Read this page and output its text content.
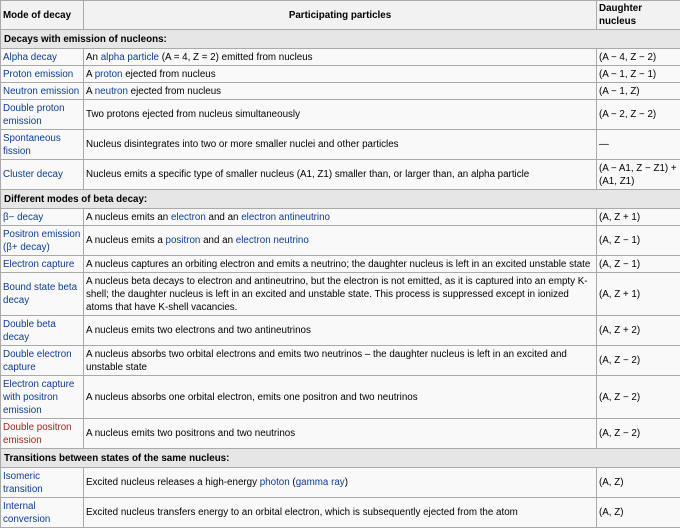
Mode of decay	Participating particles	Daughter nucleus
Decays with emission of nucleons:		
Alpha decay	An alpha particle (A = 4, Z = 2) emitted from nucleus	(A − 4, Z − 2)
Proton emission	A proton ejected from nucleus	(A − 1, Z − 1)
Neutron emission	A neutron ejected from nucleus	(A − 1, Z)
Double proton emission	Two protons ejected from nucleus simultaneously	(A − 2, Z − 2)
Spontaneous fission	Nucleus disintegrates into two or more smaller nuclei and other particles	—
Cluster decay	Nucleus emits a specific type of smaller nucleus (A1, Z1) smaller than, or larger than, an alpha particle	(A − A1, Z − Z1) + (A1, Z1)
Different modes of beta decay:		
β− decay	A nucleus emits an electron and an electron antineutrino	(A, Z + 1)
Positron emission (β+ decay)	A nucleus emits a positron and an electron neutrino	(A, Z − 1)
Electron capture	A nucleus captures an orbiting electron and emits a neutrino; the daughter nucleus is left in an excited unstable state	(A, Z − 1)
Bound state beta decay	A nucleus beta decays to electron and antineutrino, but the electron is not emitted, as it is captured into an empty K-shell; the daughter nucleus is left in an excited and unstable state. This process is suppressed except in ionized atoms that have K-shell vacancies.	(A, Z + 1)
Double beta decay	A nucleus emits two electrons and two antineutrinos	(A, Z + 2)
Double electron capture	A nucleus absorbs two orbital electrons and emits two neutrinos – the daughter nucleus is left in an excited and unstable state	(A, Z − 2)
Electron capture with positron emission	A nucleus absorbs one orbital electron, emits one positron and two neutrinos	(A, Z − 2)
Double positron emission	A nucleus emits two positrons and two neutrinos	(A, Z − 2)
Transitions between states of the same nucleus:		
Isomeric transition	Excited nucleus releases a high-energy photon (gamma ray)	(A, Z)
Internal conversion	Excited nucleus transfers energy to an orbital electron, which is subsequently ejected from the atom	(A, Z)
